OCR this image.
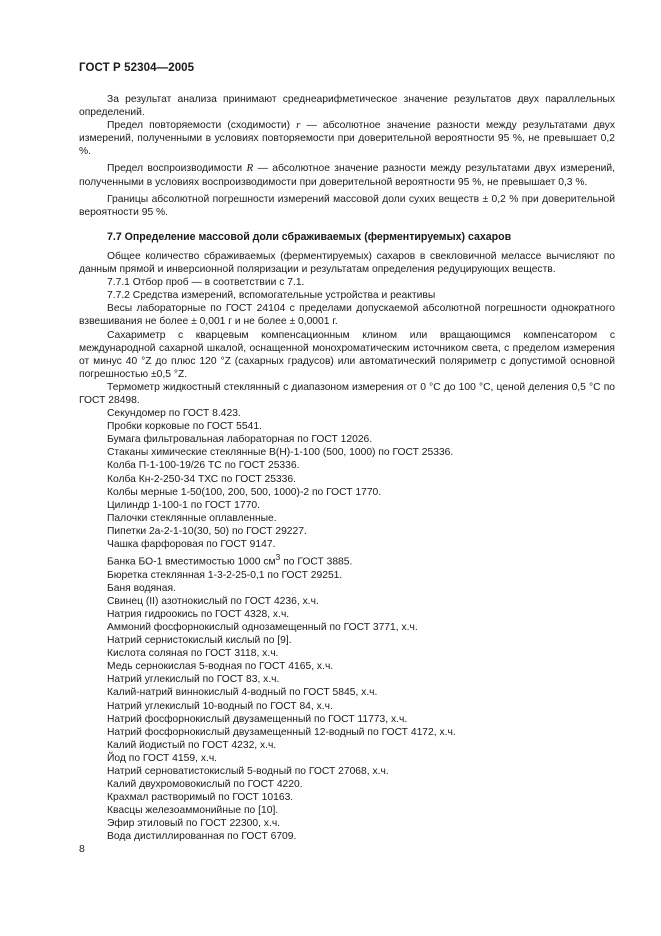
ГОСТ Р 52304—2005

За результат анализа принимают среднеарифметическое значение результатов двух параллельных определений.

Предел повторяемости (сходимости) r — абсолютное значение разности между результатами двух измерений, полученными в условиях повторяемости при доверительной вероятности 95 %, не превышает 0,2 %.

Предел воспроизводимости R — абсолютное значение разности между результатами двух измерений, полученными в условиях воспроизводимости при доверительной вероятности 95 %, не превышает 0,3 %.

Границы абсолютной погрешности измерений массовой доли сухих веществ ± 0,2 % при доверительной вероятности 95 %.

7.7 Определение массовой доли сбраживаемых (ферментируемых) сахаров

Общее количество сбраживаемых (ферментируемых) сахаров в свекловичной мелассе вычисляют по данным прямой и инверсионной поляризации и результатам определения редуцирующих веществ.

7.7.1 Отбор проб — в соответствии с 7.1.

7.7.2 Средства измерений, вспомогательные устройства и реактивы

Весы лабораторные по ГОСТ 24104 с пределами допускаемой абсолютной погрешности однократного взвешивания не более ± 0,001 г и не более ± 0,0001 г.

Сахариметр с кварцевым компенсационным клином или вращающимся компенсатором с международной сахарной шкалой, оснащенной монохроматическим источником света, с пределом измерения от минус 40 °Z до плюс 120 °Z (сахарных градусов) или автоматический поляриметр с допустимой основной погрешностью ±0,5 °Z.

Термометр жидкостный стеклянный с диапазоном измерения от 0 °С до 100 °С, ценой деления 0,5 °С по ГОСТ 28498.

Секундомер по ГОСТ 8.423.
Пробки корковые по ГОСТ 5541.
Бумага фильтровальная лабораторная по ГОСТ 12026.
Стаканы химические стеклянные В(Н)-1-100 (500, 1000) по ГОСТ 25336.
Колба П-1-100-19/26 ТС по ГОСТ 25336.
Колба Кн-2-250-34 ТХС по ГОСТ 25336.
Колбы мерные 1-50(100, 200, 500, 1000)-2 по ГОСТ 1770.
Цилиндр 1-100-1 по ГОСТ 1770.
Палочки стеклянные оплавленные.
Пипетки 2а-2-1-10(30, 50) по ГОСТ 29227.
Чашка фарфоровая по ГОСТ 9147.
Банка БО-1 вместимостью 1000 $см^3$ по ГОСТ 3885.
Бюретка стеклянная 1-3-2-25-0,1 по ГОСТ 29251.
Баня водяная.
Свинец (II) азотнокислый по ГОСТ 4236, х.ч.
Натрия гидроокись по ГОСТ 4328, х.ч.
Аммоний фосфорнокислый однозамещенный по ГОСТ 3771, х.ч.
Натрий сернистокислый кислый по [9].
Кислота соляная по ГОСТ 3118, х.ч.
Медь сернокислая 5-водная по ГОСТ 4165, х.ч.
Натрий углекислый по ГОСТ 83, х.ч.
Калий-натрий виннокислый 4-водный по ГОСТ 5845, х.ч.
Натрий углекислый 10-водный по ГОСТ 84, х.ч.
Натрий фосфорнокислый двузамещенный по ГОСТ 11773, х.ч.
Натрий фосфорнокислый двузамещенный 12-водный по ГОСТ 4172, х.ч.
Калий йодистый по ГОСТ 4232, х.ч.
Йод по ГОСТ 4159, х.ч.
Натрий серноватистокислый 5-водный по ГОСТ 27068, х.ч.
Калий двухромовокислый по ГОСТ 4220.
Крахмал растворимый по ГОСТ 10163.
Квасцы железоаммонийные по [10].
Эфир этиловый по ГОСТ 22300, х.ч.
Вода дистиллированная по ГОСТ 6709.
8
